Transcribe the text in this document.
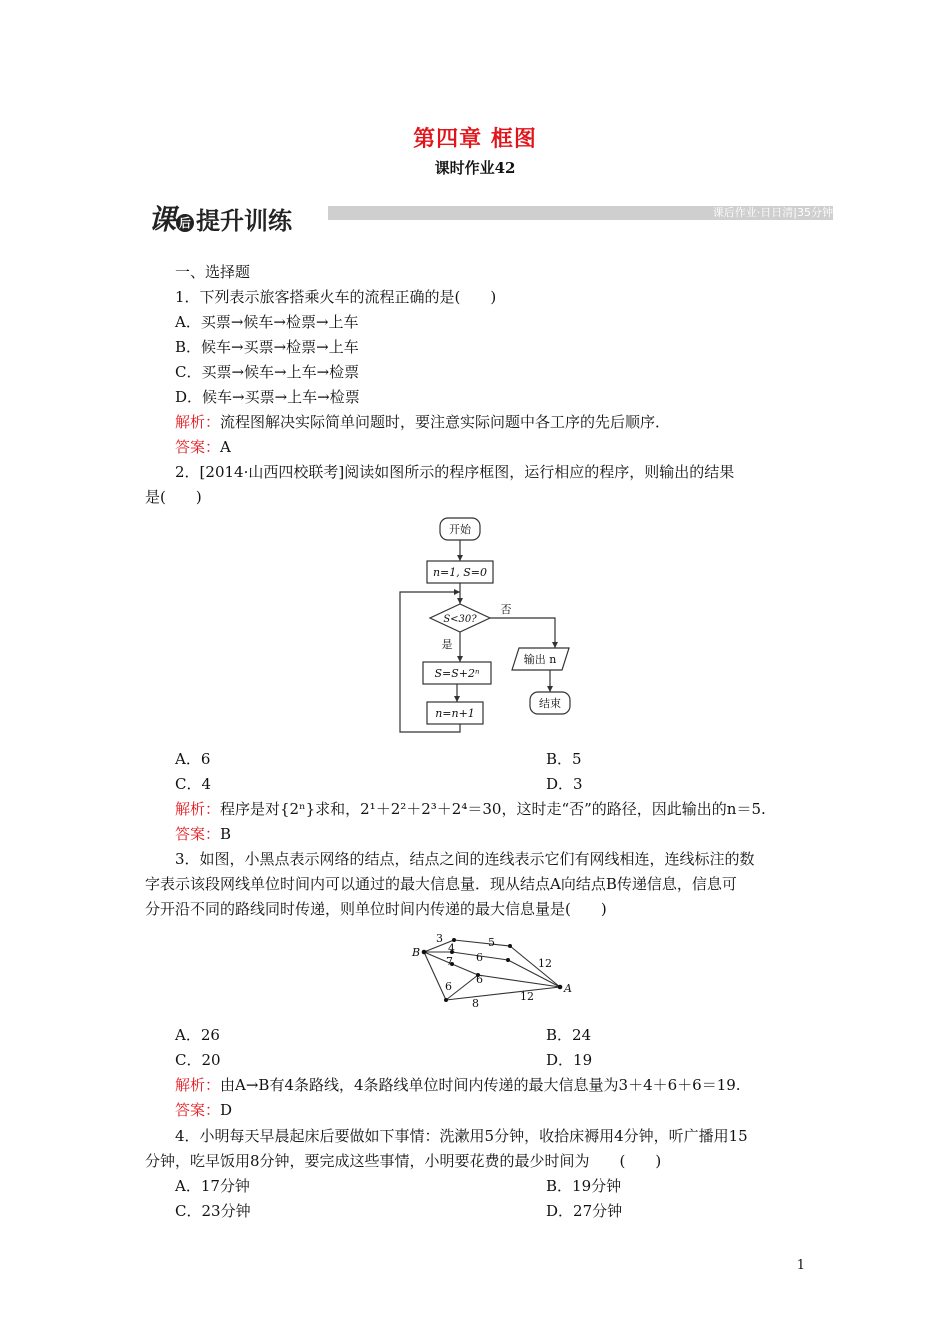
第四章 框图
课时作业42
课 后 提升训练	课后作业·日日清|35分钟
一、选择题
1．下列表示旅客搭乘火车的流程正确的是(　　)
A．买票→候车→检票→上车
B．候车→买票→检票→上车
C．买票→候车→上车→检票
D．候车→买票→上车→检票
解析：流程图解决实际简单问题时，要注意实际问题中各工序的先后顺序．
答案：A
2．[2014·山西四校联考]阅读如图所示的程序框图，运行相应的程序，则输出的结果
是(　　)
开始
n=1, S=0
S<30?
是
否
S=S+2ⁿ
n=n+1
输出 n
结束
A．6	B．5
C．4	D．3
解析：程序是对{2ⁿ}求和，2¹＋2²＋2³＋2⁴＝30，这时走“否”的路径，因此输出的n＝5.
答案：B
3．如图，小黑点表示网络的结点，结点之间的连线表示它们有网线相连，连线标注的数
字表示该段网线单位时间内可以通过的最大信息量．现从结点A向结点B传递信息，信息可
分开沿不同的路线同时传递，则单位时间内传递的最大信息量是(　　)
B
A
3
4	5
7 6	12
6
6
8
12
A．26	B．24
C．20	D．19
解析：由A→B有4条路线，4条路线单位时间内传递的最大信息量为3＋4＋6＋6＝19.
答案：D
4．小明每天早晨起床后要做如下事情：洗漱用5分钟，收拾床褥用4分钟，听广播用15
分钟，吃早饭用8分钟，要完成这些事情，小明要花费的最少时间为　　(　　)
A．17分钟	B．19分钟
C．23分钟	D．27分钟
1
